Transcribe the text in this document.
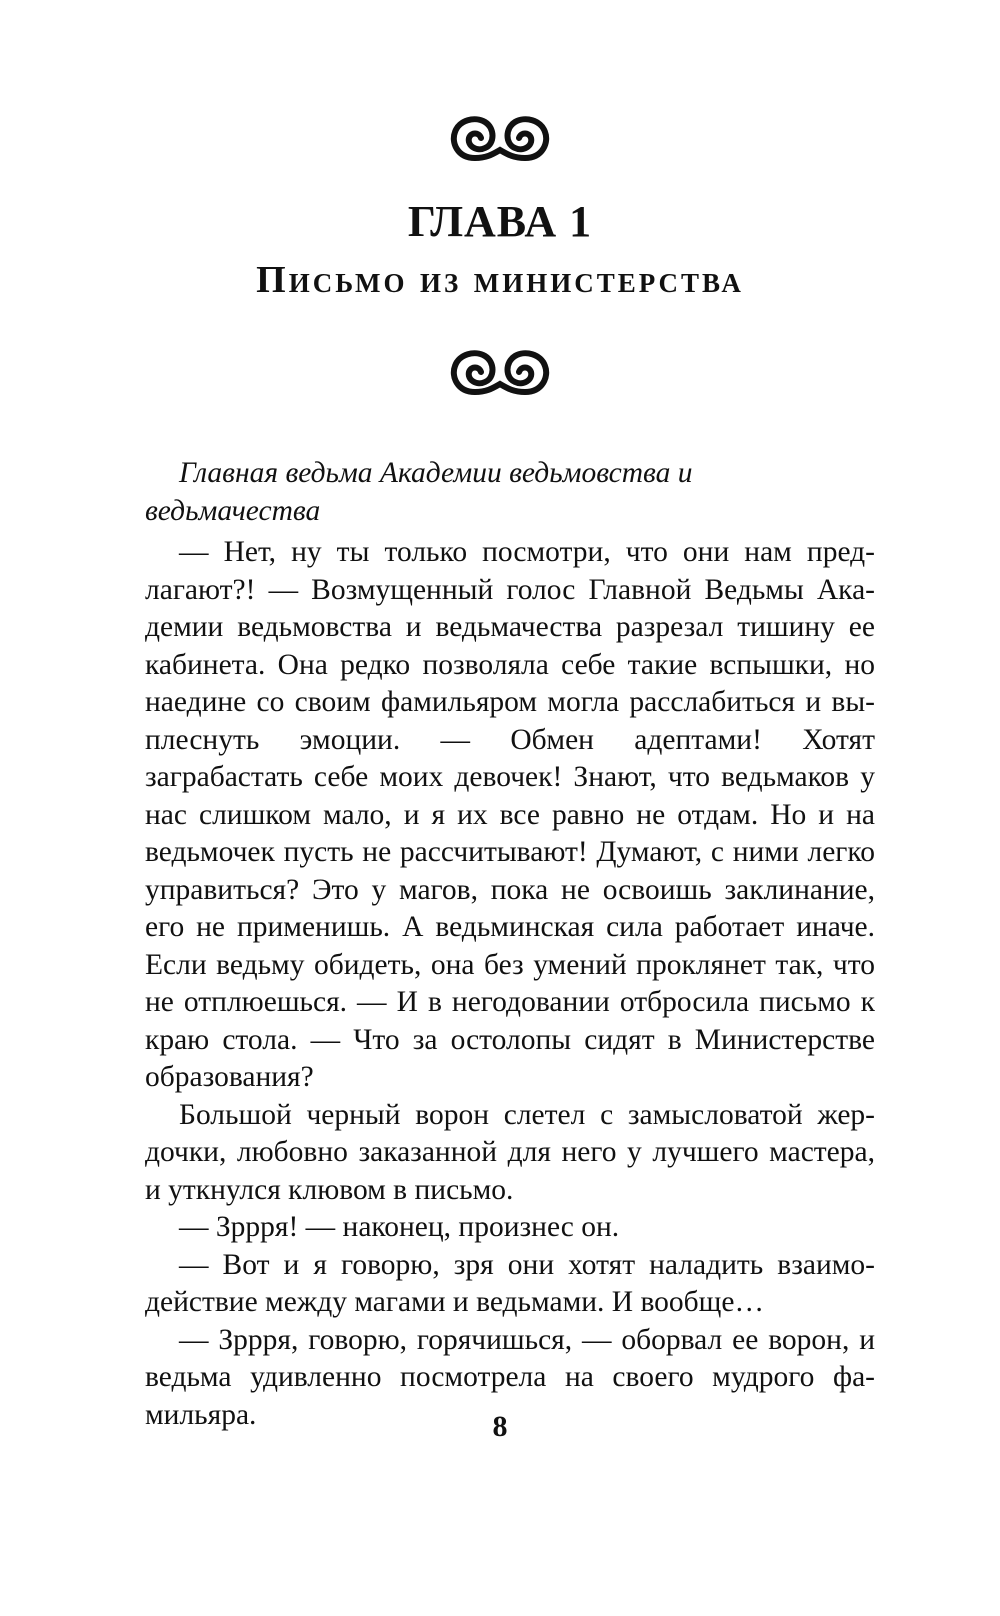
ГЛАВА 1
Письмо из министерства

Главная ведьма Академии ведьмовства и ведьмачества

— Нет, ну ты только посмотри, что они нам предлагают?! — Возмущенный голос Главной Ведьмы Академии ведьмовства и ведьмачества разрезал тишину ее кабинета. Она редко позволяла себе такие вспышки, но наедине со своим фамильяром могла расслабиться и выплеснуть эмоции. — Обмен адептами! Хотят заграбастать себе моих девочек! Знают, что ведьмаков у нас слишком мало, и я их все равно не отдам. Но и на ведьмочек пусть не рассчитывают! Думают, с ними легко управиться? Это у магов, пока не освоишь заклинание, его не применишь. А ведьминская сила работает иначе. Если ведьму обидеть, она без умений проклянет так, что не отплюешься. — И в негодовании отбросила письмо к краю стола. — Что за остолопы сидят в Министерстве образования?

Большой черный ворон слетел с замысловатой жердочки, любовно заказанной для него у лучшего мастера, и уткнулся клювом в письмо.

— Зррря! — наконец, произнес он.

— Вот и я говорю, зря они хотят наладить взаимодействие между магами и ведьмами. И вообще…

— Зррря, говорю, горячишься, — оборвал ее ворон, и ведьма удивленно посмотрела на своего мудрого фамильяра.	8
